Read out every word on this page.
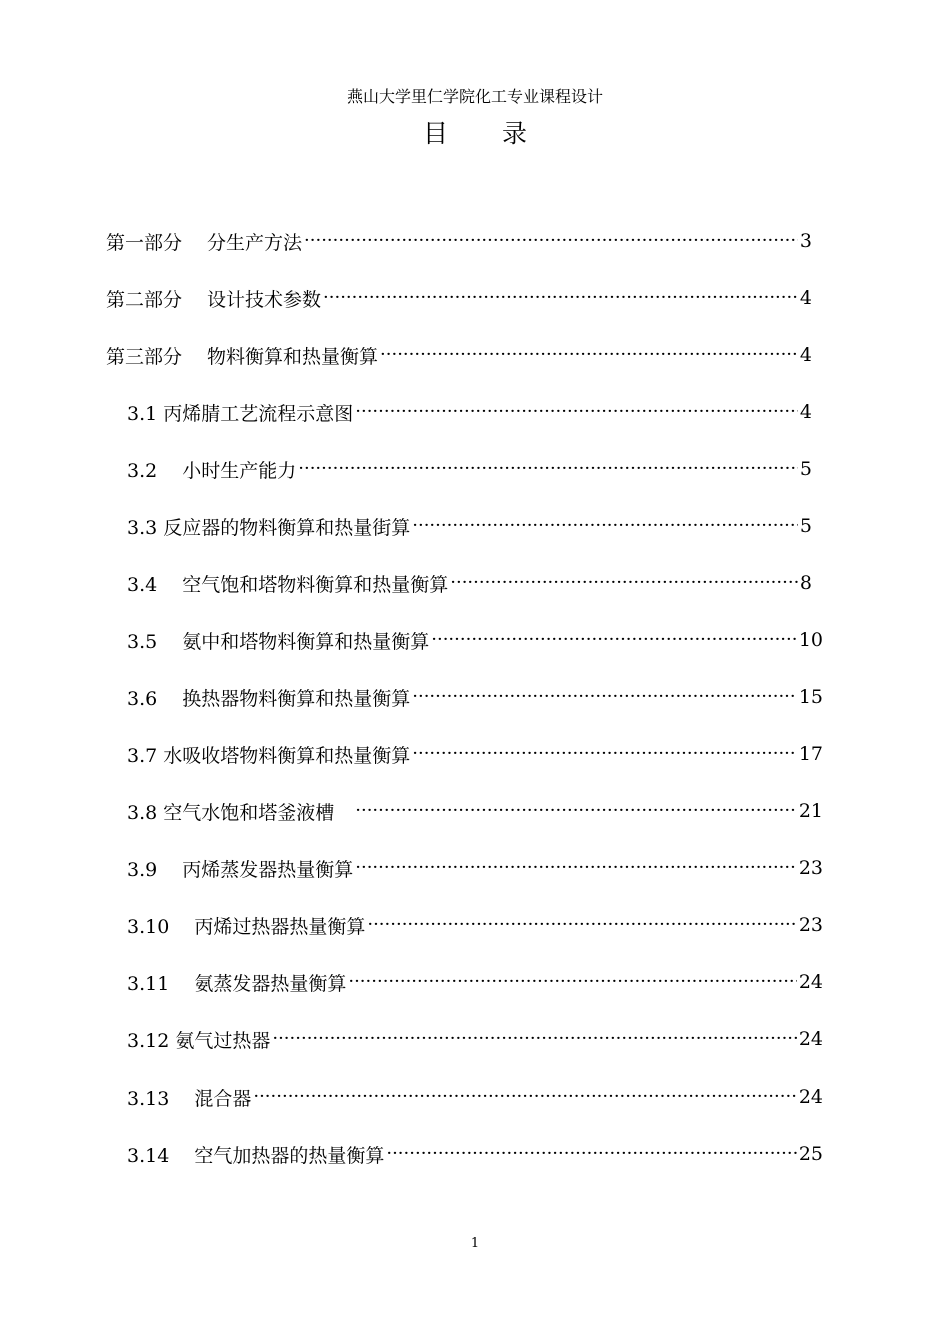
燕山大学里仁学院化工专业课程设计
目 录
第一部分　 分生产方法 ·····	3
第二部分　 设计技术参数 ·····	4
第三部分　 物料衡算和热量衡算 ·····	4
3.1 丙烯腈工艺流程示意图 ·····	4
3.2　 小时生产能力 ·····	5
3.3 反应器的物料衡算和热量街算 ·····	5
3.4　 空气饱和塔物料衡算和热量衡算 ·····	8
3.5　 氨中和塔物料衡算和热量衡算 ·····	10
3.6　 换热器物料衡算和热量衡算 ·····	15
3.7 水吸收塔物料衡算和热量衡算 ·····	17
3.8 空气水饱和塔釜液槽　 ·····	21
3.9　 丙烯蒸发器热量衡算 ·····	23
3.10　 丙烯过热器热量衡算 ·····	23
3.11　 氨蒸发器热量衡算 ·····	24
3.12 氨气过热器 ·····	24
3.13　 混合器 ·····	24
3.14　 空气加热器的热量衡算 ·····	25
1
